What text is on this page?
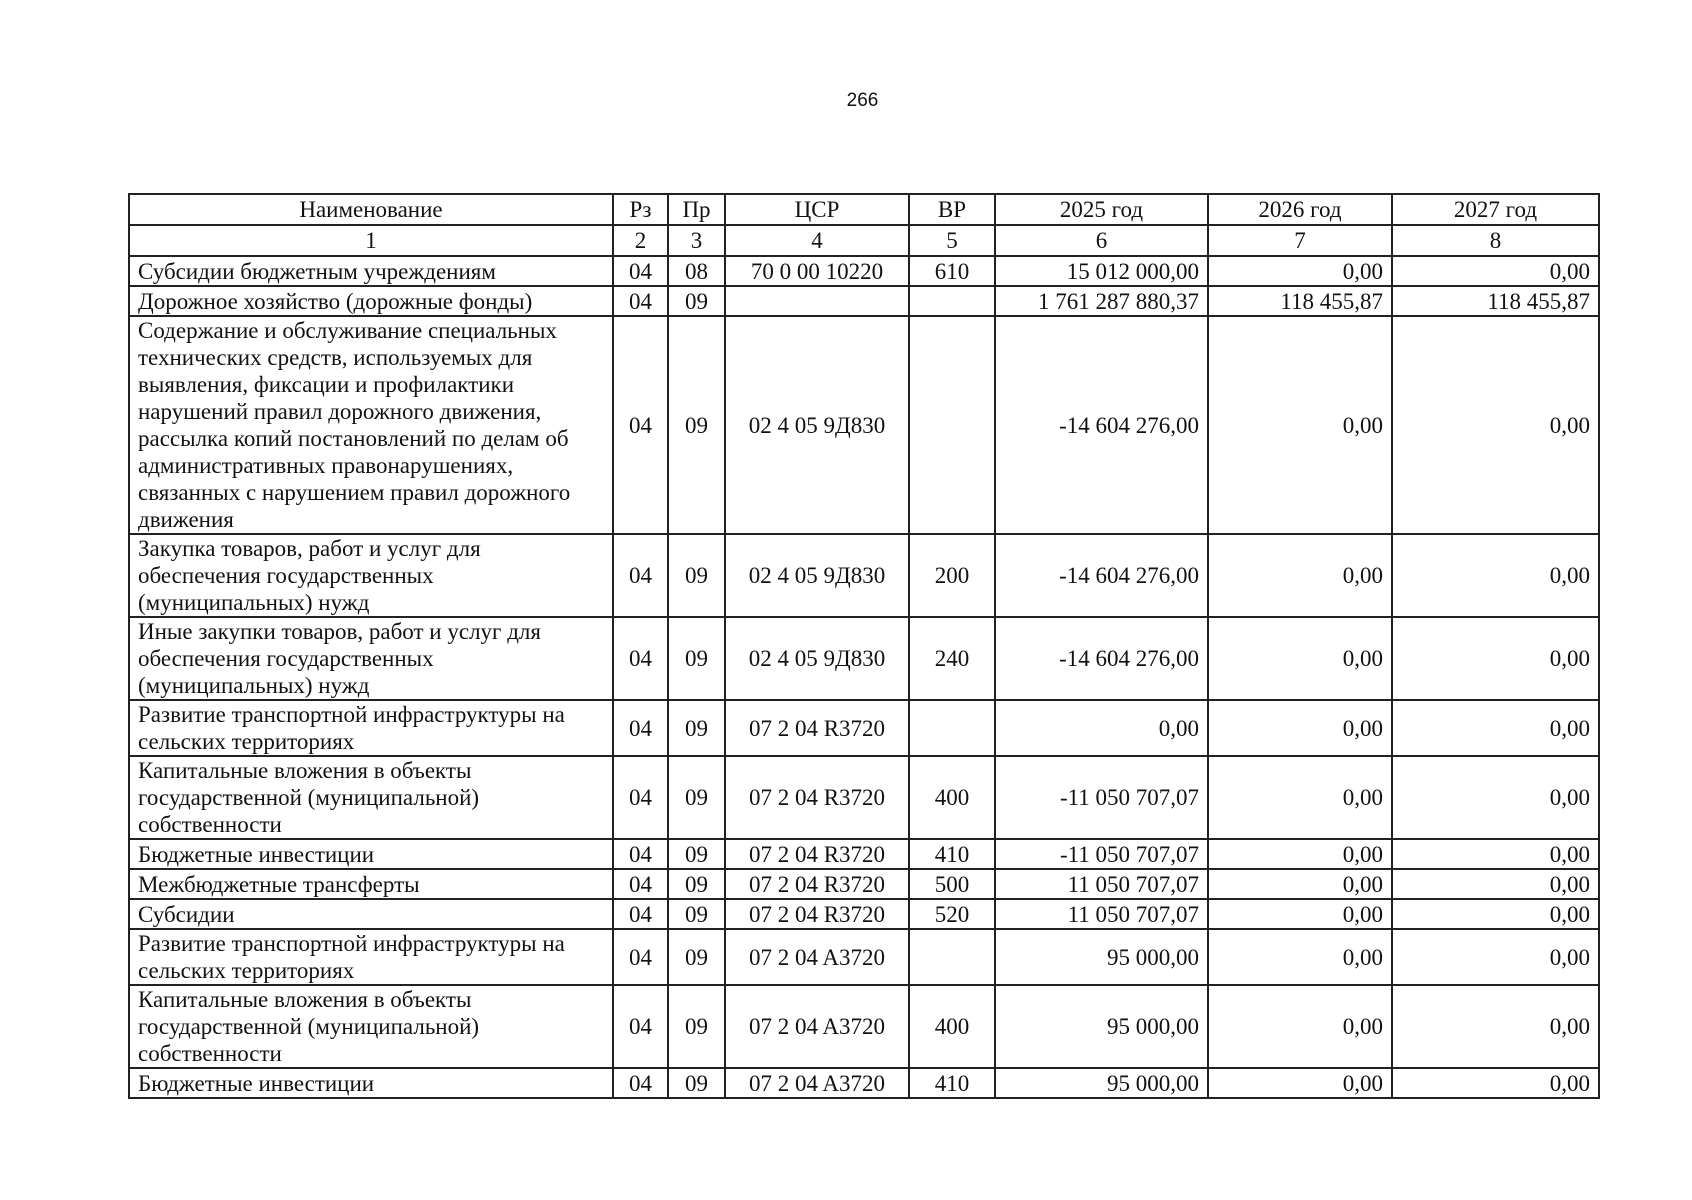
266
Наименование	Рз	Пр	ЦСР	ВР	2025 год	2026 год	2027 год
1	2	3	4	5	6	7	8
Субсидии бюджетным учреждениям	04	08	70 0 00 10220	610	15 012 000,00	0,00	0,00
Дорожное хозяйство (дорожные фонды)	04	09			1 761 287 880,37	118 455,87	118 455,87
Содержание и обслуживание специальных технических средств, используемых для выявления, фиксации и профилактики нарушений правил дорожного движения, рассылка копий постановлений по делам об административных правонарушениях, связанных с нарушением правил дорожного движения	04	09	02 4 05 9Д830		-14 604 276,00	0,00	0,00
Закупка товаров, работ и услуг для обеспечения государственных (муниципальных) нужд	04	09	02 4 05 9Д830	200	-14 604 276,00	0,00	0,00
Иные закупки товаров, работ и услуг для обеспечения государственных (муниципальных) нужд	04	09	02 4 05 9Д830	240	-14 604 276,00	0,00	0,00
Развитие транспортной инфраструктуры на сельских территориях	04	09	07 2 04 R3720		0,00	0,00	0,00
Капитальные вложения в объекты государственной (муниципальной) собственности	04	09	07 2 04 R3720	400	-11 050 707,07	0,00	0,00
Бюджетные инвестиции	04	09	07 2 04 R3720	410	-11 050 707,07	0,00	0,00
Межбюджетные трансферты	04	09	07 2 04 R3720	500	11 050 707,07	0,00	0,00
Субсидии	04	09	07 2 04 R3720	520	11 050 707,07	0,00	0,00
Развитие транспортной инфраструктуры на сельских территориях	04	09	07 2 04 A3720		95 000,00	0,00	0,00
Капитальные вложения в объекты государственной (муниципальной) собственности	04	09	07 2 04 A3720	400	95 000,00	0,00	0,00
Бюджетные инвестиции	04	09	07 2 04 A3720	410	95 000,00	0,00	0,00
